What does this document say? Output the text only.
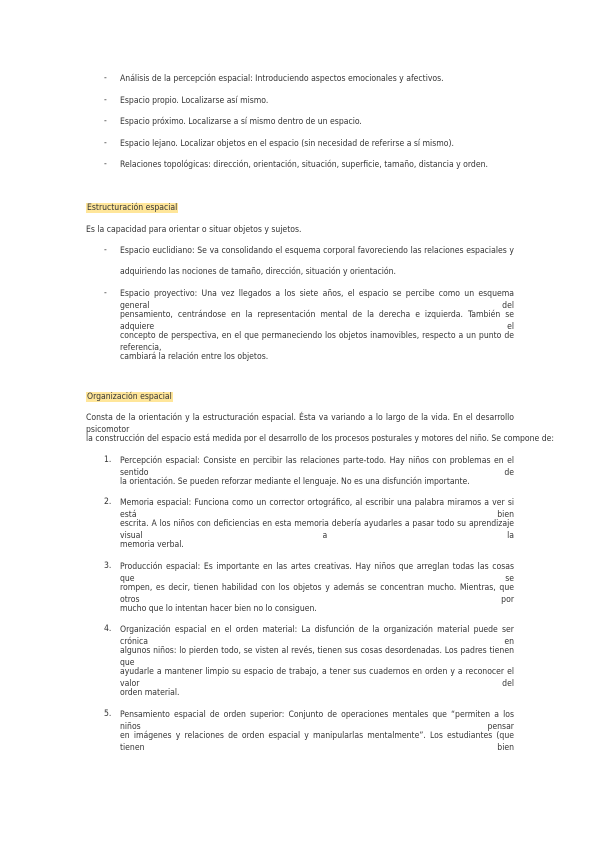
-	Análisis de la percepción espacial: Introduciendo aspectos emocionales y afectivos.
-	Espacio propio. Localizarse así mismo.
-	Espacio próximo. Localizarse a sí mismo dentro de un espacio.
-	Espacio lejano. Localizar objetos en el espacio (sin necesidad de referirse a sí mismo).
-	Relaciones topológicas: dirección, orientación, situación, superficie, tamaño, distancia y orden.
Estructuración espacial
Es la capacidad para orientar o situar objetos y sujetos.
-	Espacio euclidiano: Se va consolidando el esquema corporal favoreciendo las relaciones espaciales y
adquiriendo las nociones de tamaño, dirección, situación y orientación.
-	Espacio proyectivo: Una vez llegados a los siete años, el espacio se percibe como un esquema general del
pensamiento, centrándose en la representación mental de la derecha e izquierda. También se adquiere el
concepto de perspectiva, en el que permaneciendo los objetos inamovibles, respecto a un punto de referencia,
cambiará la relación entre los objetos.
Organización espacial
Consta de la orientación y la estructuración espacial. Ésta va variando a lo largo de la vida. En el desarrollo psicomotor
la construcción del espacio está medida por el desarrollo de los procesos posturales y motores del niño. Se compone de:
1.	Percepción espacial: Consiste en percibir las relaciones parte-todo. Hay niños con problemas en el sentido de
la orientación. Se pueden reforzar mediante el lenguaje. No es una disfunción importante.
2.	Memoria espacial: Funciona como un corrector ortográfico, al escribir una palabra miramos a ver si está bien
escrita. A los niños con deficiencias en esta memoria debería ayudarles a pasar todo su aprendizaje visual a la
memoria verbal.
3.	Producción espacial: Es importante en las artes creativas. Hay niños que arreglan todas las cosas que se
rompen, es decir, tienen habilidad con los objetos y además se concentran mucho. Mientras, que otros por
mucho que lo intentan hacer bien no lo consiguen.
4.	Organización espacial en el orden material: La disfunción de la organización material puede ser crónica en
algunos niños: lo pierden todo, se visten al revés, tienen sus cosas desordenadas. Los padres tienen que
ayudarle a mantener limpio su espacio de trabajo, a tener sus cuadernos en orden y a reconocer el valor del
orden material.
5.	Pensamiento espacial de orden superior: Conjunto de operaciones mentales que “permiten a los niños pensar
en imágenes y relaciones de orden espacial y manipularlas mentalmente”. Los estudiantes (que tienen bien
